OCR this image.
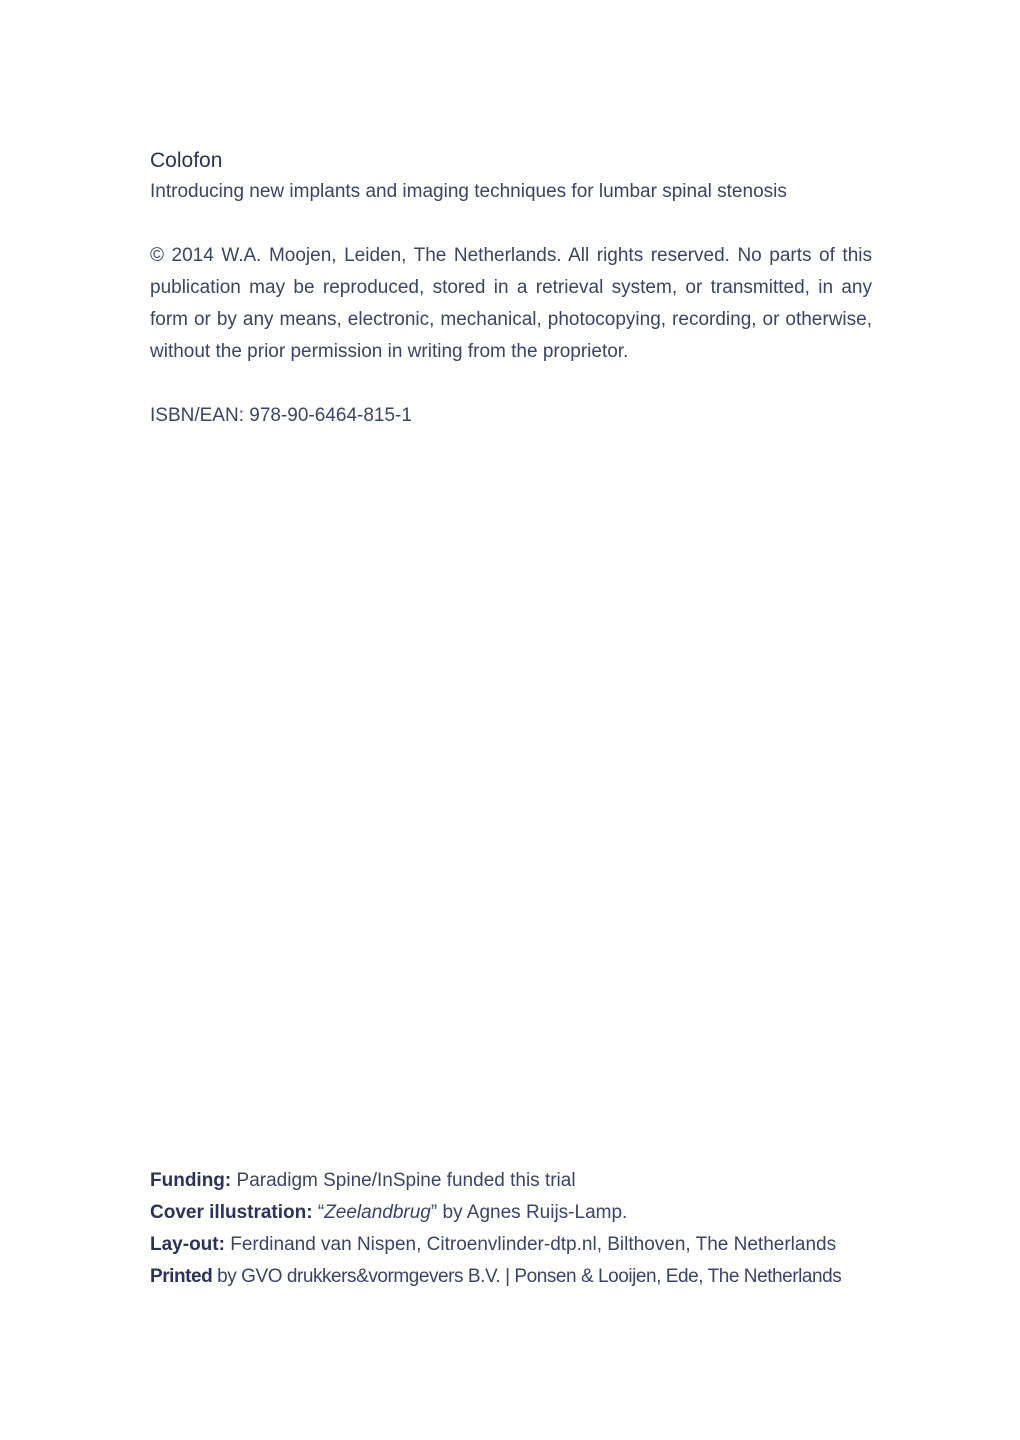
Colofon

Introducing new implants and imaging techniques for lumbar spinal stenosis

© 2014 W.A. Moojen, Leiden, The Netherlands. All rights reserved. No parts of this publication may be reproduced, stored in a retrieval system, or transmitted, in any form or by any means, electronic, mechanical, photocopying, recording, or otherwise, without the prior permission in writing from the proprietor.

ISBN/EAN: 978-90-6464-815-1

Funding: Paradigm Spine/InSpine funded this trial

Cover illustration: “Zeelandbrug” by Agnes Ruijs-Lamp.

Lay-out: Ferdinand van Nispen, Citroenvlinder-dtp.nl, Bilthoven, The Netherlands

Printed by GVO drukkers&vormgevers B.V. | Ponsen & Looijen, Ede, The Netherlands
